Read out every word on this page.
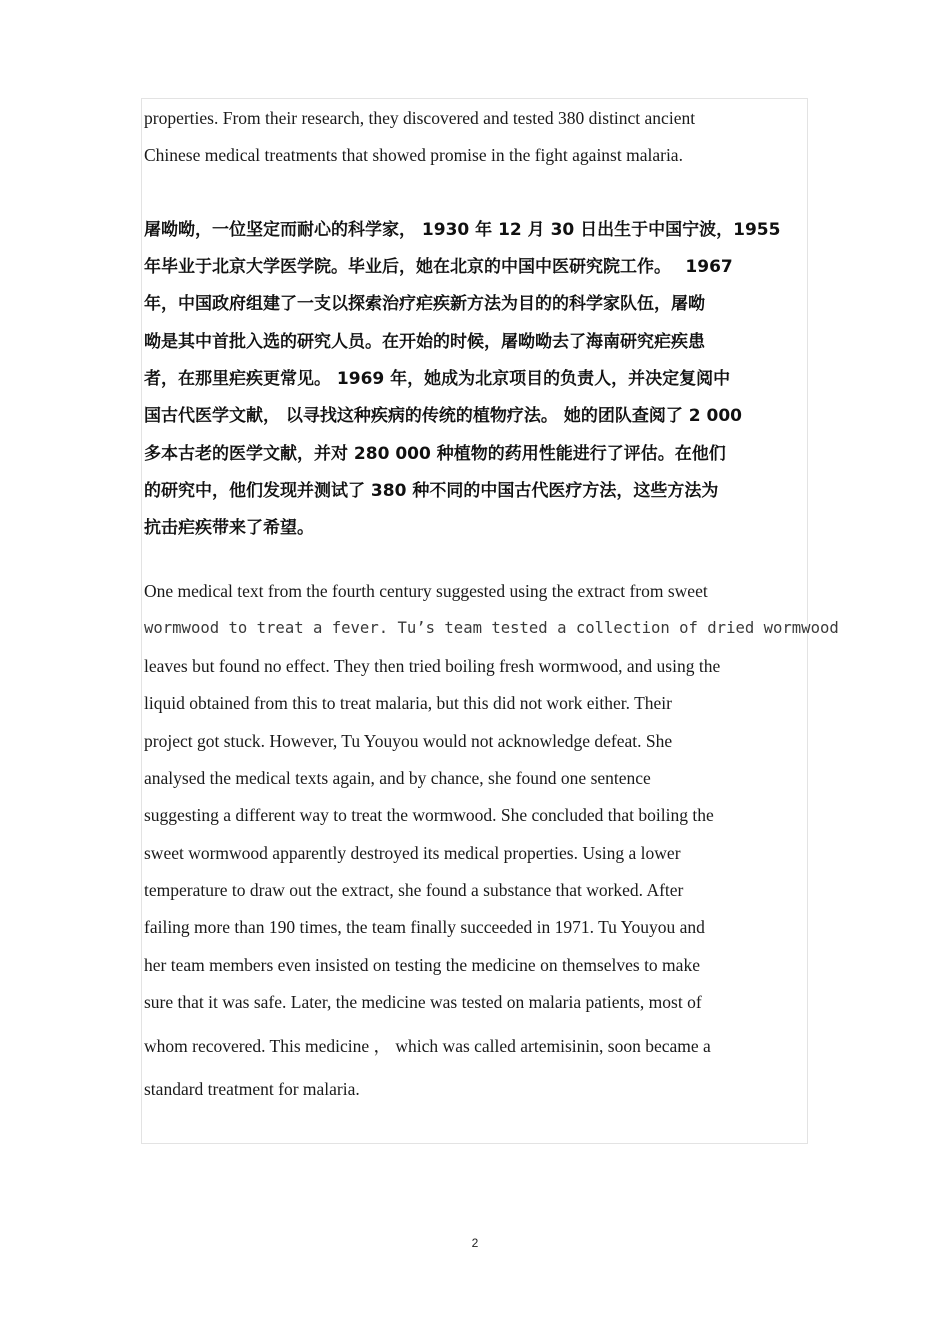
properties. From their research, they discovered and tested 380 distinct ancient
Chinese medical treatments that showed promise in the fight against malaria.
屠呦呦，一位坚定而耐心的科学家， 1930 年 12 月 30 日出生于中国宁波，1955
年毕业于北京大学医学院。毕业后，她在北京的中国中医研究院工作。　 1967
年，中国政府组建了一支以探索治疗疟疾新方法为目的的科学家队伍，屠呦
呦是其中首批入选的研究人员。在开始的时候，屠呦呦去了海南研究疟疾患
者，在那里疟疾更常见。 1969 年，她成为北京项目的负责人，并决定复阅中
国古代医学文献， 以寻找这种疾病的传统的植物疗法。 她的团队查阅了 2 000
多本古老的医学文献，并对 280 000 种植物的药用性能进行了评估。在他们
的研究中，他们发现并测试了 380 种不同的中国古代医疗方法，这些方法为
抗击疟疾带来了希望。
One medical text from the fourth century suggested using the extract from sweet
wormwood to treat a fever. Tu’s team tested a collection of dried wormwood
leaves but found no effect. They then tried boiling fresh wormwood, and using the
liquid obtained from this to treat malaria, but this did not work either. Their
project got stuck. However, Tu Youyou would not acknowledge defeat. She
analysed the medical texts again, and by chance, she found one sentence
suggesting a different way to treat the wormwood. She concluded that boiling the
sweet wormwood apparently destroyed its medical properties. Using a lower
temperature to draw out the extract, she found a substance that worked. After
failing more than 190 times, the team finally succeeded in 1971. Tu Youyou and
her team members even insisted on testing the medicine on themselves to make
sure that it was safe. Later, the medicine was tested on malaria patients, most of
whom recovered. This medicine ， which was called artemisinin, soon became a
standard treatment for malaria.
2
